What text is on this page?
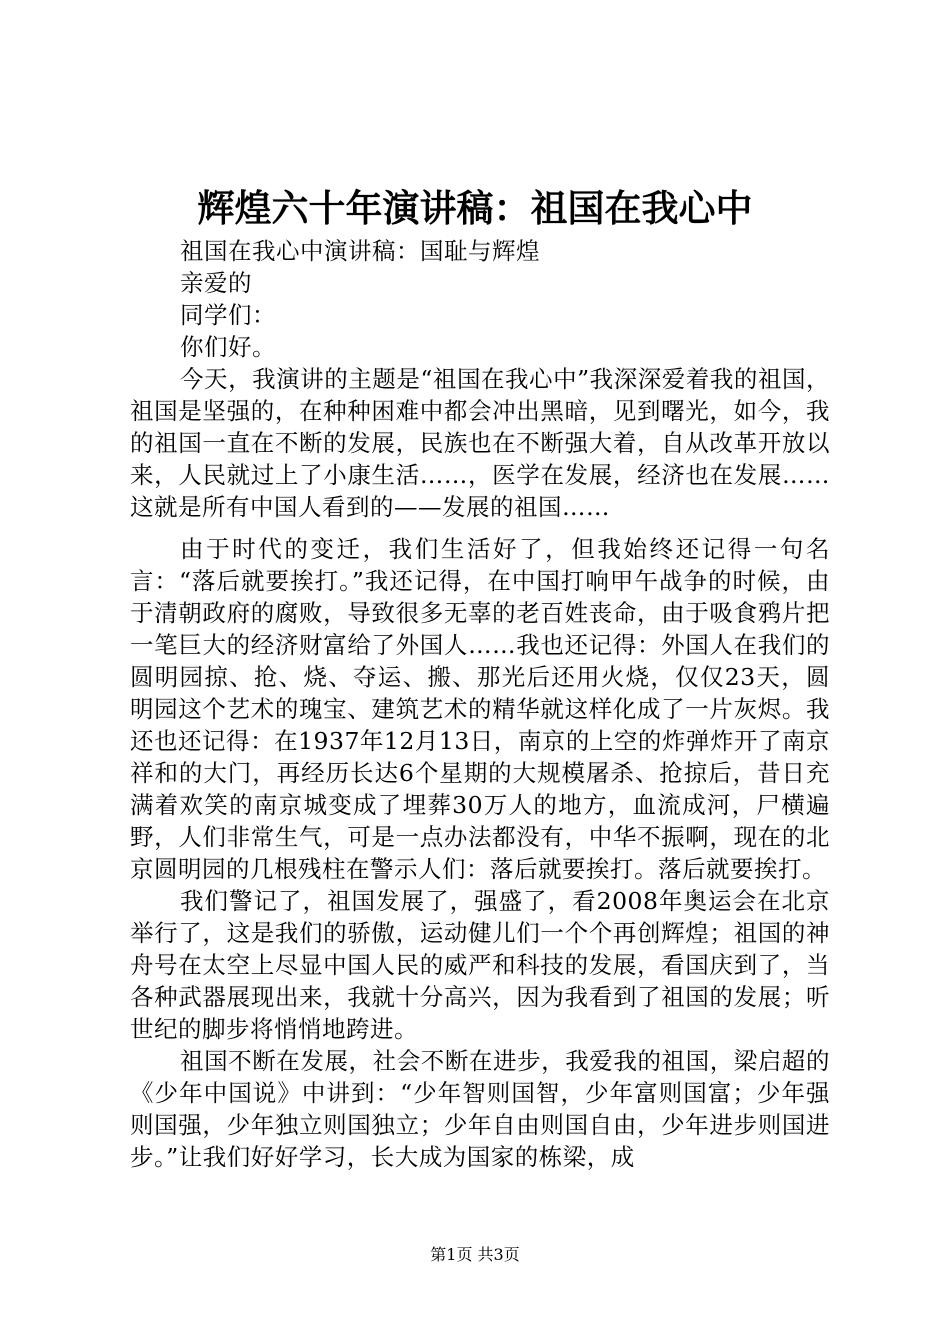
辉煌六十年演讲稿：祖国在我心中

祖国在我心中演讲稿：国耻与辉煌

亲爱的

同学们：

你们好。

今天，我演讲的主题是“祖国在我心中”我深深爱着我的祖国，祖国是坚强的，在种种困难中都会冲出黑暗，见到曙光，如今，我的祖国一直在不断的发展，民族也在不断强大着，自从改革开放以来，人民就过上了小康生活……，医学在发展，经济也在发展……这就是所有中国人看到的——发展的祖国……

由于时代的变迁，我们生活好了，但我始终还记得一句名言：“落后就要挨打。”我还记得，在中国打响甲午战争的时候，由于清朝政府的腐败，导致很多无辜的老百姓丧命，由于吸食鸦片把一笔巨大的经济财富给了外国人……我也还记得：外国人在我们的圆明园掠、抢、烧、夺运、搬、那光后还用火烧，仅仅23天，圆明园这个艺术的瑰宝、建筑艺术的精华就这样化成了一片灰烬。我还也还记得：在1937年12月13日，南京的上空的炸弹炸开了南京祥和的大门，再经历长达6个星期的大规模屠杀、抢掠后，昔日充满着欢笑的南京城变成了埋葬30万人的地方，血流成河，尸横遍野，人们非常生气，可是一点办法都没有，中华不振啊，现在的北京圆明园的几根残柱在警示人们：落后就要挨打。落后就要挨打。

我们警记了，祖国发展了，强盛了，看2008年奥运会在北京举行了，这是我们的骄傲，运动健儿们一个个再创辉煌；祖国的神舟号在太空上尽显中国人民的威严和科技的发展，看国庆到了，当各种武器展现出来，我就十分高兴，因为我看到了祖国的发展；听世纪的脚步将悄悄地跨进。

祖国不断在发展，社会不断在进步，我爱我的祖国，梁启超的《少年中国说》中讲到：“少年智则国智，少年富则国富；少年强则国强，少年独立则国独立；少年自由则国自由，少年进步则国进步。”让我们好好学习，长大成为国家的栋梁，成

第1页 共3页
